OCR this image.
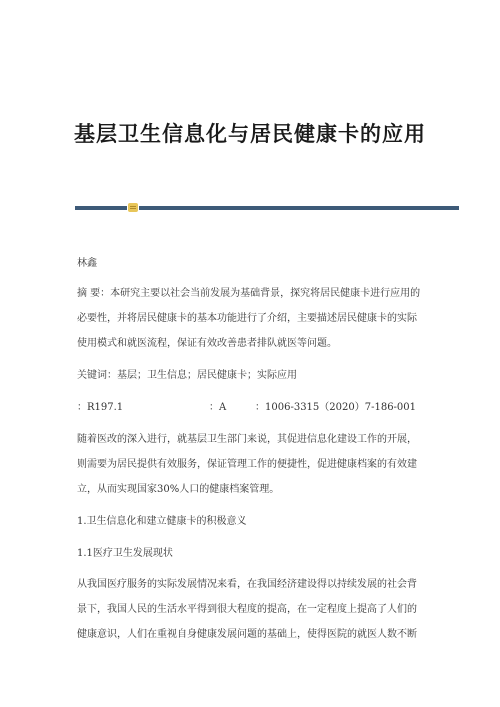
基层卫生信息化与居民健康卡的应用

林鑫

摘 要：本研究主要以社会当前发展为基础背景，探究将居民健康卡进行应用的

必要性，并将居民健康卡的基本功能进行了介绍，主要描述居民健康卡的实际

使用模式和就医流程，保证有效改善患者排队就医等问题。

关键词：基层；卫生信息；居民健康卡；实际应用

：R197.1	：A	：1006-3315（2020）7-186-001

随着医改的深入进行，就基层卫生部门来说，其促进信息化建设工作的开展，

则需要为居民提供有效服务，保证管理工作的便捷性，促进健康档案的有效建

立，从而实现国家30%人口的健康档案管理。

1.卫生信息化和建立健康卡的积极意义

1.1医疗卫生发展现状

从我国医疗服务的实际发展情况来看，在我国经济建设得以持续发展的社会背

景下，我国人民的生活水平得到很大程度的提高，在一定程度上提高了人们的

健康意识，人们在重视自身健康发展问题的基础上，使得医院的就医人数不断
